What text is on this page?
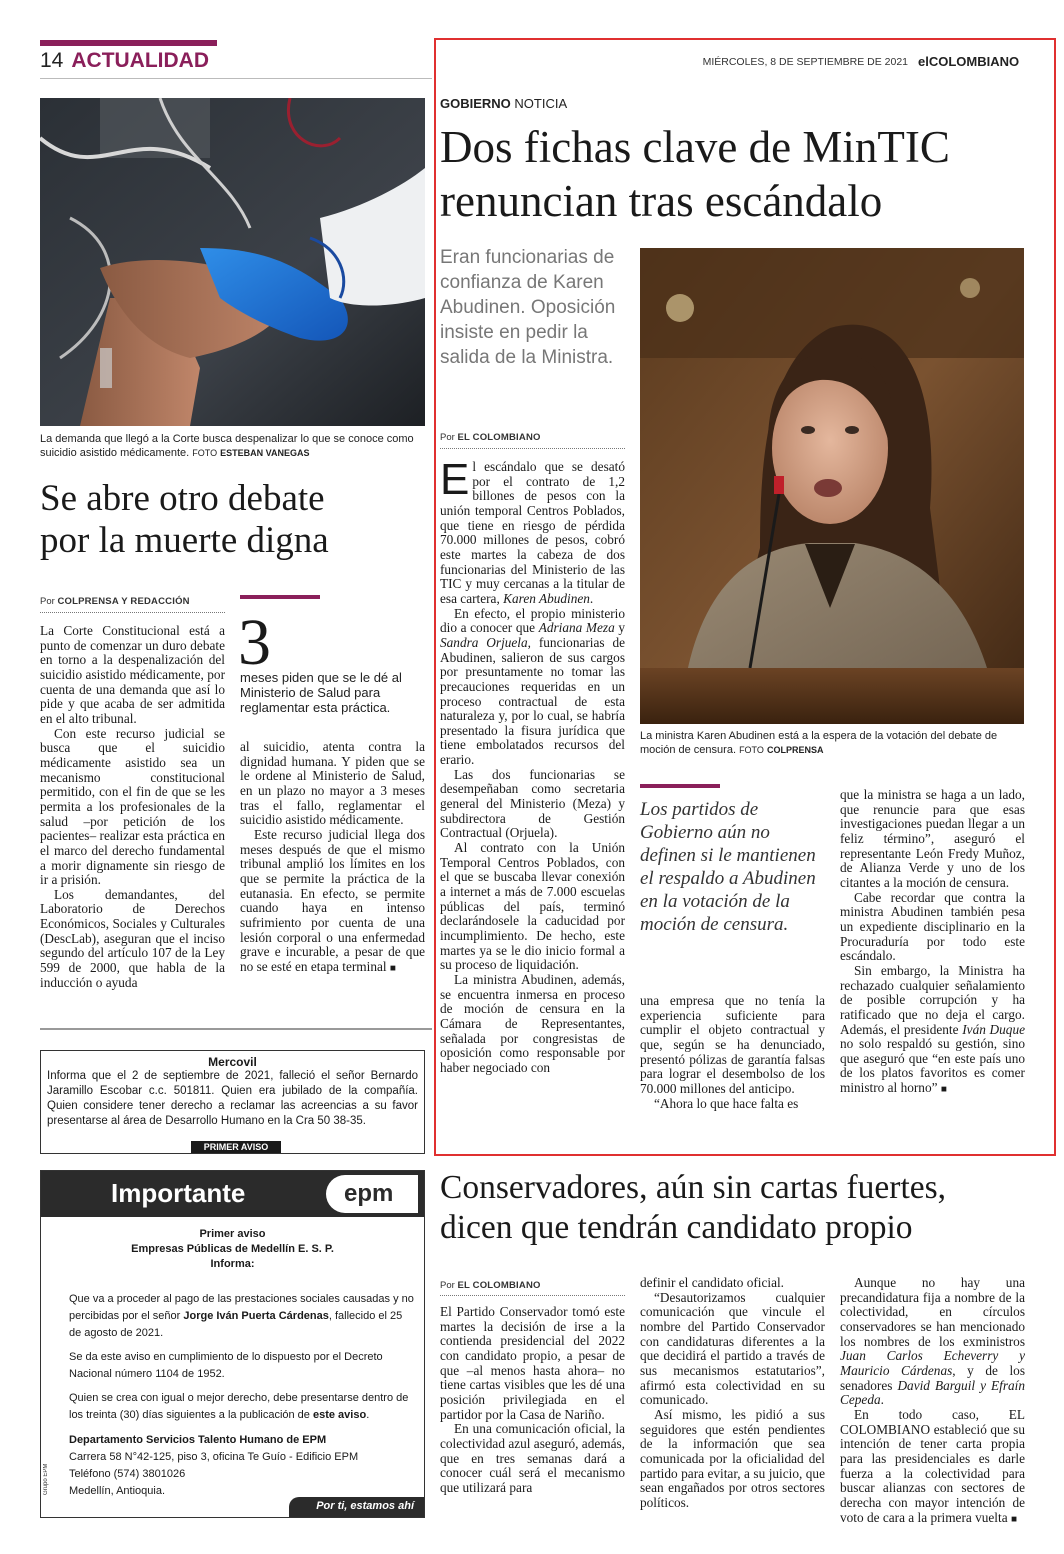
14 ACTUALIDAD	MIÉRCOLES, 8 DE SEPTIEMBRE DE 2021 elCOLOMBIANO
La demanda que llegó a la Corte busca despenalizar lo que se conoce como suicidio asistido médicamente. FOTO ESTEBAN VANEGAS
Se abre otro debate
por la muerte digna
Por COLPRENSA Y REDACCIÓN
3
meses piden que se le dé al Ministerio de Salud para reglamentar esta práctica.

La Corte Constitucional está a punto de comenzar un duro debate en torno a la despenalización del suicidio asistido médicamente, por cuenta de una demanda que así lo pide y que acaba de ser admitida en el alto tribunal.

Con este recurso judicial se busca que el suicidio médicamente asistido sea un mecanismo constitucional permitido, con el fin de que se les permita a los profesionales de la salud –por petición de los pacientes– realizar esta práctica en el marco del derecho fundamental a morir dignamente sin riesgo de ir a prisión.

Los demandantes, del Laboratorio de Derechos Económicos, Sociales y Culturales (DescLab), aseguran que el inciso segundo del artículo 107 de la Ley 599 de 2000, que habla de la inducción o ayuda

al suicidio, atenta contra la dignidad humana. Y piden que se le ordene al Ministerio de Salud, en un plazo no mayor a 3 meses tras el fallo, reglamentar el suicidio asistido médicamente.

Este recurso judicial llega dos meses después de que el mismo tribunal amplió los límites en los que se permite la práctica de la eutanasia. En efecto, se permite cuando haya en intenso sufrimiento por cuenta de una lesión corporal o una enfermedad grave e incurable, a pesar de que no se esté en etapa terminal ■

Mercovil
Informa que el 2 de septiembre de 2021, falleció el señor Bernardo Jaramillo Escobar c.c. 501811. Quien era jubilado de la compañía. Quien considere tener derecho a reclamar las acreencias a su favor presentarse al área de Desarrollo Humano en la Cra 50 38-35.
PRIMER AVISO
Importante	epm
Primer aviso
Empresas Públicas de Medellín E. S. P.
Informa:
Que va a proceder al pago de las prestaciones sociales causadas y no percibidas por el señor Jorge Iván Puerta Cárdenas, fallecido el 25 de agosto de 2021.
Se da este aviso en cumplimiento de lo dispuesto por el Decreto Nacional número 1104 de 1952.
Quien se crea con igual o mejor derecho, debe presentarse dentro de los treinta (30) días siguientes a la publicación de este aviso.
Departamento Servicios Talento Humano de EPM
Carrera 58 N°42-125, piso 3, oficina Te Guío - Edificio EPM
Teléfono (574) 3801026
Medellín, Antioquia.
Grupo EPM
Por ti, estamos ahí
GOBIERNO NOTICIA
Dos fichas clave de MinTIC
renuncian tras escándalo
Eran funcionarias de confianza de Karen Abudinen. Oposición insiste en pedir la salida de la Ministra.
Por EL COLOMBIANO
La ministra Karen Abudinen está a la espera de la votación del debate de moción de censura. FOTO COLPRENSA

El escándalo que se desató por el contrato de 1,2 billones de pesos con la unión temporal Centros Poblados, que tiene en riesgo de pérdida 70.000 millones de pesos, cobró este martes la cabeza de dos funcionarias del Ministerio de las TIC y muy cercanas a la titular de esa cartera, Karen Abudinen.

En efecto, el propio ministerio dio a conocer que Adriana Meza y Sandra Orjuela, funcionarias de Abudinen, salieron de sus cargos por presuntamente no tomar las precauciones requeridas en un proceso contractual de esta naturaleza y, por lo cual, se habría presentado la fisura jurídica que tiene embolatados recursos del erario.

Las dos funcionarias se desempeñaban como secretaria general del Ministerio (Meza) y subdirectora de Gestión Contractual (Orjuela).

Al contrato con la Unión Temporal Centros Poblados, con el que se buscaba llevar conexión a internet a más de 7.000 escuelas públicas del país, terminó declarándosele la caducidad por incumplimiento. De hecho, este martes ya se le dio inicio formal a su proceso de liquidación.

La ministra Abudinen, además, se encuentra inmersa en proceso de moción de censura en la Cámara de Representantes, señalada por congresistas de oposición como responsable por haber negociado con

Los partidos de Gobierno aún no definen si le mantienen el respaldo a Abudinen en la votación de la moción de censura.

una empresa que no tenía la experiencia suficiente para cumplir el objeto contractual y que, según se ha denunciado, presentó pólizas de garantía falsas para lograr el desembolso de los 70.000 millones del anticipo.

“Ahora lo que hace falta es

que la ministra se haga a un lado, que renuncie para que esas investigaciones puedan llegar a un feliz término”, aseguró el representante León Fredy Muñoz, de Alianza Verde y uno de los citantes a la moción de censura.

Cabe recordar que contra la ministra Abudinen también pesa un expediente disciplinario en la Procuraduría por todo este escándalo.

Sin embargo, la Ministra ha rechazado cualquier señalamiento de posible corrupción y ha ratificado que no deja el cargo. Además, el presidente Iván Duque no solo respaldó su gestión, sino que aseguró que “en este país uno de los platos favoritos es comer ministro al horno” ■

Conservadores, aún sin cartas fuertes,
dicen que tendrán candidato propio
Por EL COLOMBIANO

El Partido Conservador tomó este martes la decisión de irse a la contienda presidencial del 2022 con candidato propio, a pesar de que –al menos hasta ahora– no tiene cartas visibles que les dé una posición privilegiada en el partidor por la Casa de Nariño.

En una comunicación oficial, la colectividad azul aseguró, además, que en tres semanas dará a conocer cuál será el mecanismo que utilizará para

definir el candidato oficial.

“Desautorizamos cualquier comunicación que vincule el nombre del Partido Conservador con candidaturas diferentes a la que decidirá el partido a través de sus mecanismos estatutarios”, afirmó esta colectividad en su comunicado.

Así mismo, les pidió a sus seguidores que estén pendientes de la información que sea comunicada por la oficialidad del partido para evitar, a su juicio, que sean engañados por otros sectores políticos.

Aunque no hay una precandidatura fija a nombre de la colectividad, en círculos conservadores se han mencionado los nombres de los exministros Juan Carlos Echeverry y Mauricio Cárdenas, y de los senadores David Barguil y Efraín Cepeda.

En todo caso, EL COLOMBIANO estableció que su intención de tener carta propia para las presidenciales es darle fuerza a la colectividad para buscar alianzas con sectores de derecha con mayor intención de voto de cara a la primera vuelta ■
